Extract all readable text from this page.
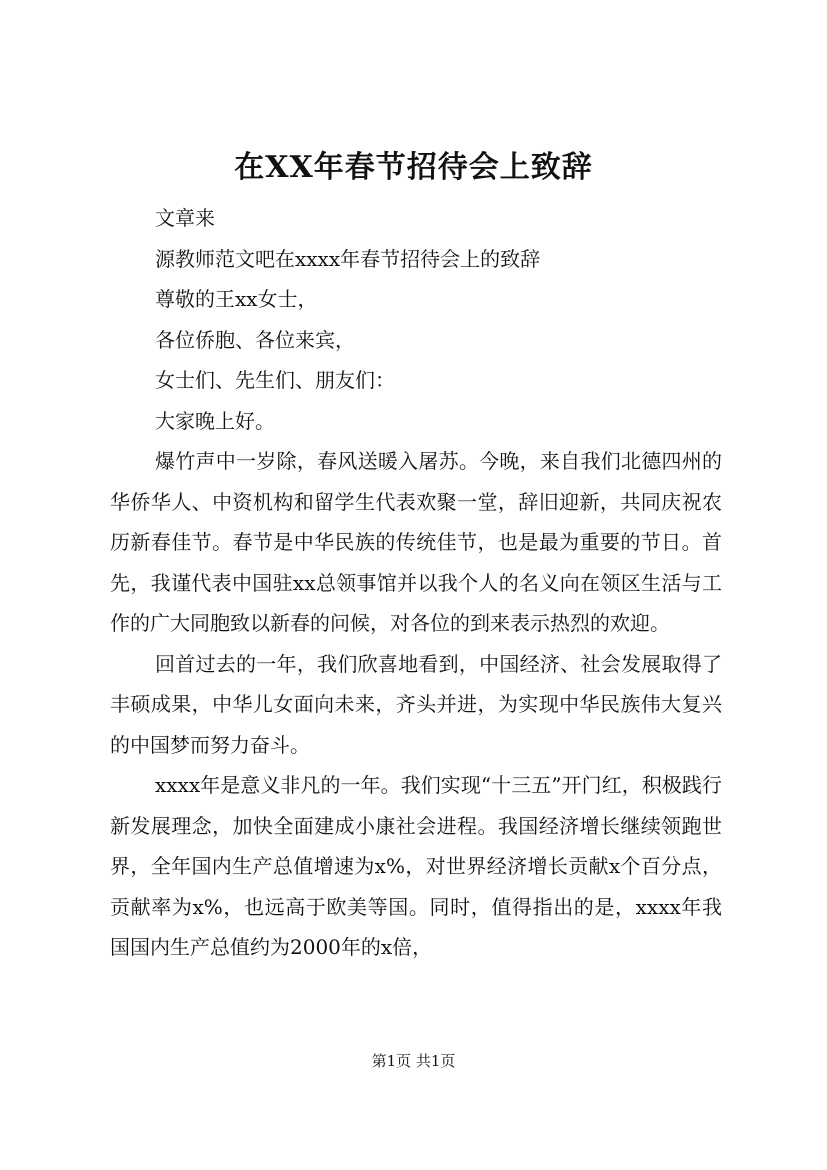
在XX年春节招待会上致辞

文章来

源教师范文吧在xxxx年春节招待会上的致辞

尊敬的王xx女士，

各位侨胞、各位来宾，

女士们、先生们、朋友们：

大家晚上好。

爆竹声中一岁除，春风送暖入屠苏。今晚，来自我们北德四州的华侨华人、中资机构和留学生代表欢聚一堂，辞旧迎新，共同庆祝农历新春佳节。春节是中华民族的传统佳节，也是最为重要的节日。首先，我谨代表中国驻xx总领事馆并以我个人的名义向在领区生活与工作的广大同胞致以新春的问候，对各位的到来表示热烈的欢迎。

回首过去的一年，我们欣喜地看到，中国经济、社会发展取得了丰硕成果，中华儿女面向未来，齐头并进，为实现中华民族伟大复兴的中国梦而努力奋斗。

xxxx年是意义非凡的一年。我们实现“十三五”开门红，积极践行新发展理念，加快全面建成小康社会进程。我国经济增长继续领跑世界，全年国内生产总值增速为x%，对世界经济增长贡献x个百分点，贡献率为x%，也远高于欧美等国。同时，值得指出的是，xxxx年我国国内生产总值约为2000年的x倍，

第1页 共1页
